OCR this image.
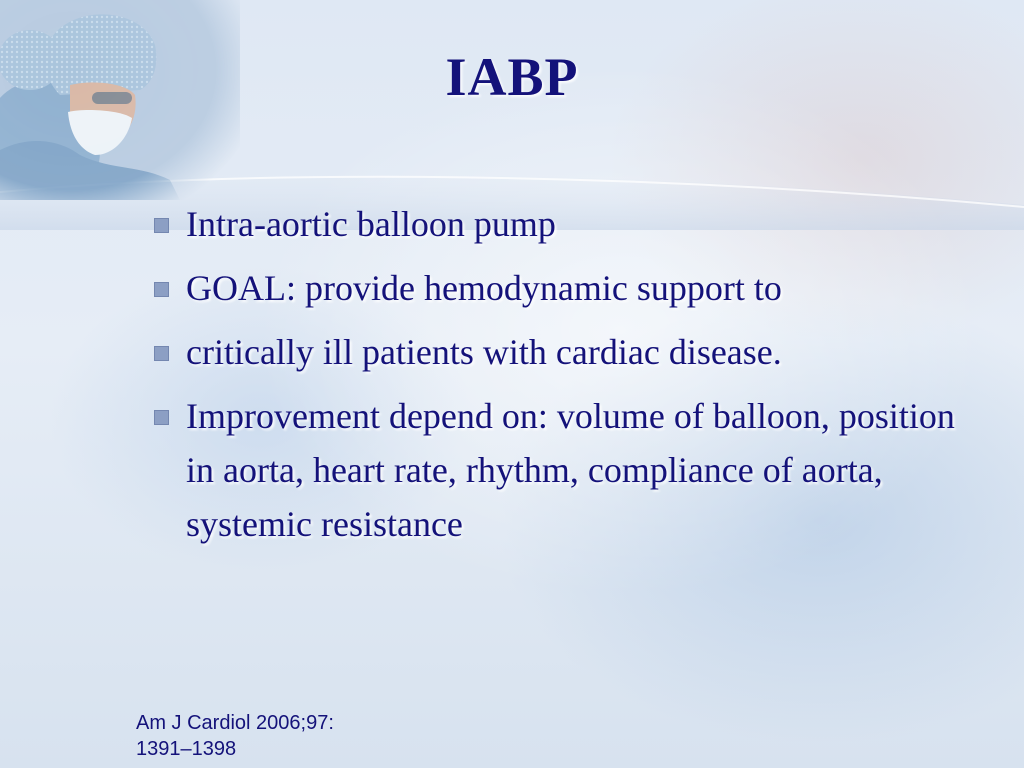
IABP
Intra-aortic balloon pump
GOAL: provide hemodynamic support to
critically ill patients with cardiac disease.
Improvement depend on: volume of balloon, position in aorta, heart rate, rhythm, compliance of aorta, systemic resistance
Am J Cardiol 2006;97:
1391–1398
